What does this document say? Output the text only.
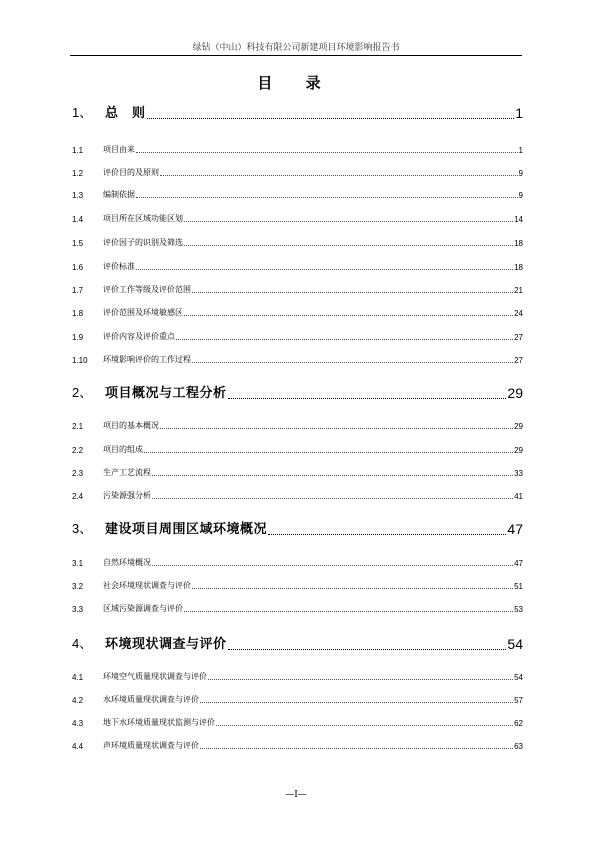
绿钻（中山）科技有限公司新建项目环境影响报告书
目 录
1、 总　则	1
1.1	项目由来	1
1.2	评价目的及原则	9
1.3	编制依据	9
1.4	项目所在区域功能区划	14
1.5	评价因子的识别及筛选	18
1.6	评价标准	18
1.7	评价工作等级及评价范围	21
1.8	评价范围及环境敏感区	24
1.9	评价内容及评价重点	27
1.10	环境影响评价的工作过程	27
2、 项目概况与工程分析	29
2.1	项目的基本概况	29
2.2	项目的组成	29
2.3	生产工艺流程	33
2.4	污染源强分析	41
3、 建设项目周围区域环境概况	47
3.1	自然环境概况	47
3.2	社会环境现状调查与评价	51
3.3	区域污染源调查与评价	53
4、 环境现状调查与评价	54
4.1	环境空气质量现状调查与评价	54
4.2	水环境质量现状调查与评价	57
4.3	地下水环境质量现状监测与评价	62
4.4	声环境质量现状调查与评价	63
—I—
